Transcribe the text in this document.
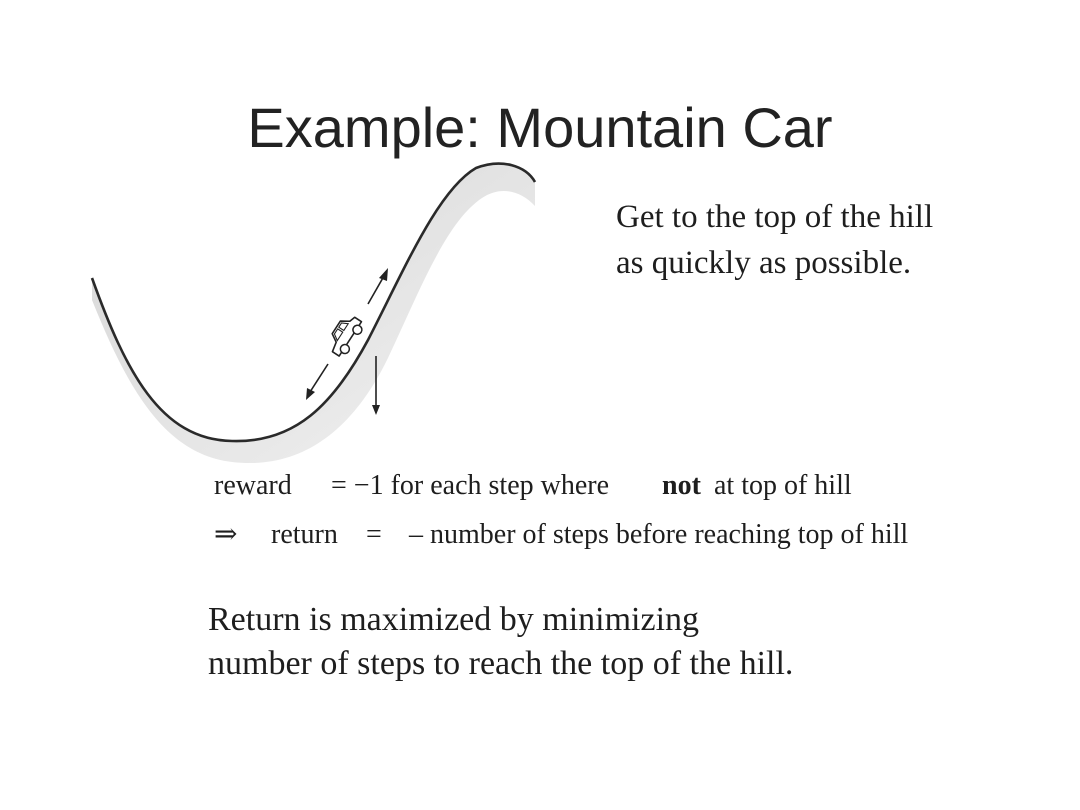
Example: Mountain Car
Get to the top of the hill
as quickly as possible.
reward = −1 for each step where not at top of hill
⇒ return = – number of steps before reaching top of hill
Return is maximized by minimizing
number of steps to reach the top of the hill.
